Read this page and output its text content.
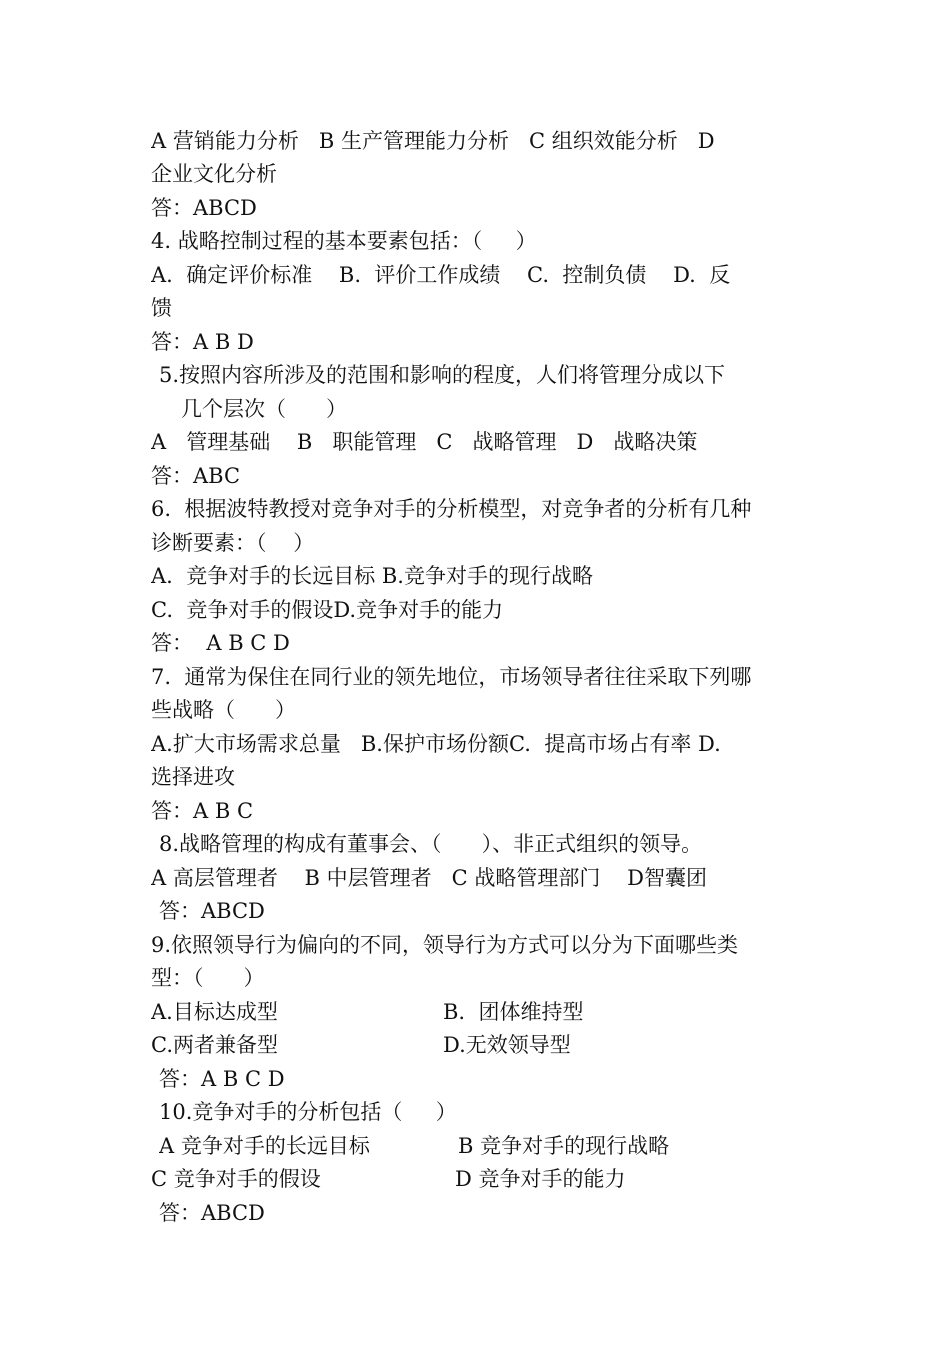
A 营销能力分析   B 生产管理能力分析   C 组织效能分析   D
企业文化分析
答：ABCD
4. 战略控制过程的基本要素包括：（     ）
A.  确定评价标准    B.  评价工作成绩    C.  控制负债    D.  反
馈
答：A B D
5.按照内容所涉及的范围和影响的程度，人们将管理分成以下
几个层次（      ）
A   管理基础    B   职能管理   C   战略管理   D   战略决策
答：ABC
6.  根据波特教授对竞争对手的分析模型，对竞争者的分析有几种
诊断要素：（    ）
A.  竞争对手的长远目标 B.竞争对手的现行战略
C.  竞争对手的假设D.竞争对手的能力
答：  A B C D
7.  通常为保住在同行业的领先地位，市场领导者往往采取下列哪
些战略（      ）
A.扩大市场需求总量   B.保护市场份额C.  提高市场占有率 D.
选择进攻
答：A B C
8.战略管理的构成有董事会、（      ）、非正式组织的领导。
A 高层管理者    B 中层管理者   C 战略管理部门    D智囊团
答：ABCD
9.依照领导行为偏向的不同，领导行为方式可以分为下面哪些类
型：（      ）
A.目标达成型	B.  团体维持型
C.两者兼备型	D.无效领导型
答：A B C D
10.竞争对手的分析包括（     ）
A 竞争对手的长远目标	B 竞争对手的现行战略
C 竞争对手的假设	D 竞争对手的能力
答：ABCD
